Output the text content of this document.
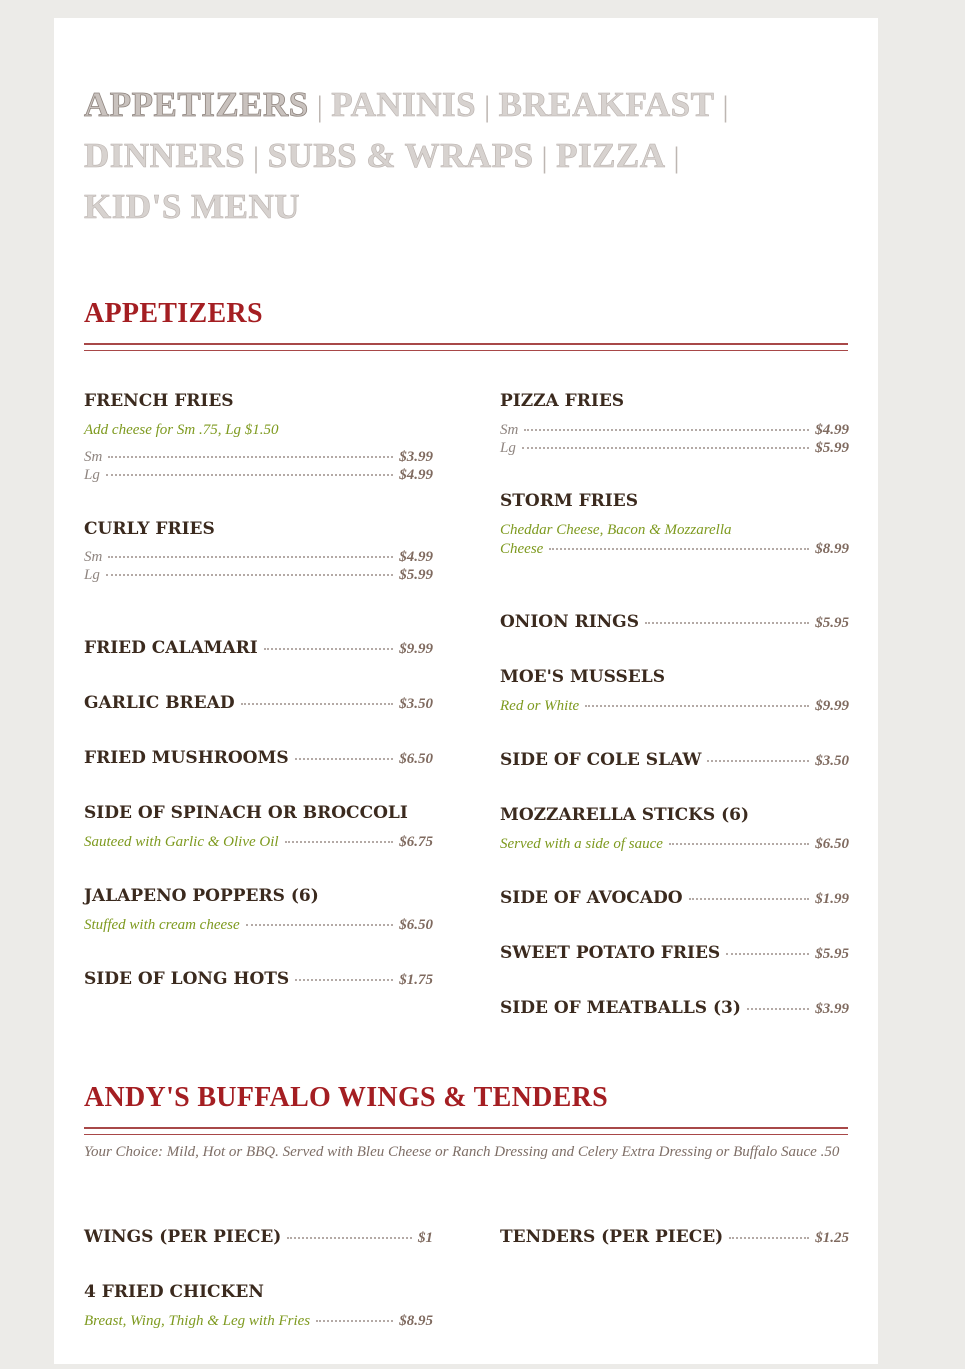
APPETIZERS | PANINIS | BREAKFAST |
DINNERS | SUBS & WRAPS | PIZZA |
KID'S MENU
APPETIZERS
FRENCH FRIES
Add cheese for Sm .75, Lg $1.50
Sm	$3.99
Lg	$4.99
CURLY FRIES
Sm	$4.99
Lg	$5.99
FRIED CALAMARI	$9.99
GARLIC BREAD	$3.50
FRIED MUSHROOMS	$6.50
SIDE OF SPINACH OR BROCCOLI
Sauteed with Garlic & Olive Oil	$6.75
JALAPENO POPPERS (6)
Stuffed with cream cheese	$6.50
SIDE OF LONG HOTS	$1.75
PIZZA FRIES
Sm	$4.99
Lg	$5.99
STORM FRIES
Cheddar Cheese, Bacon & Mozzarella
Cheese	$8.99
ONION RINGS	$5.95
MOE'S MUSSELS
Red or White	$9.99
SIDE OF COLE SLAW	$3.50
MOZZARELLA STICKS (6)
Served with a side of sauce	$6.50
SIDE OF AVOCADO	$1.99
SWEET POTATO FRIES	$5.95
SIDE OF MEATBALLS (3)	$3.99
ANDY'S BUFFALO WINGS & TENDERS
Your Choice: Mild, Hot or BBQ. Served with Bleu Cheese or Ranch Dressing and Celery Extra Dressing or Buffalo Sauce .50
WINGS (PER PIECE)	$1
4 FRIED CHICKEN
Breast, Wing, Thigh & Leg with Fries	$8.95
TENDERS (PER PIECE)	$1.25
